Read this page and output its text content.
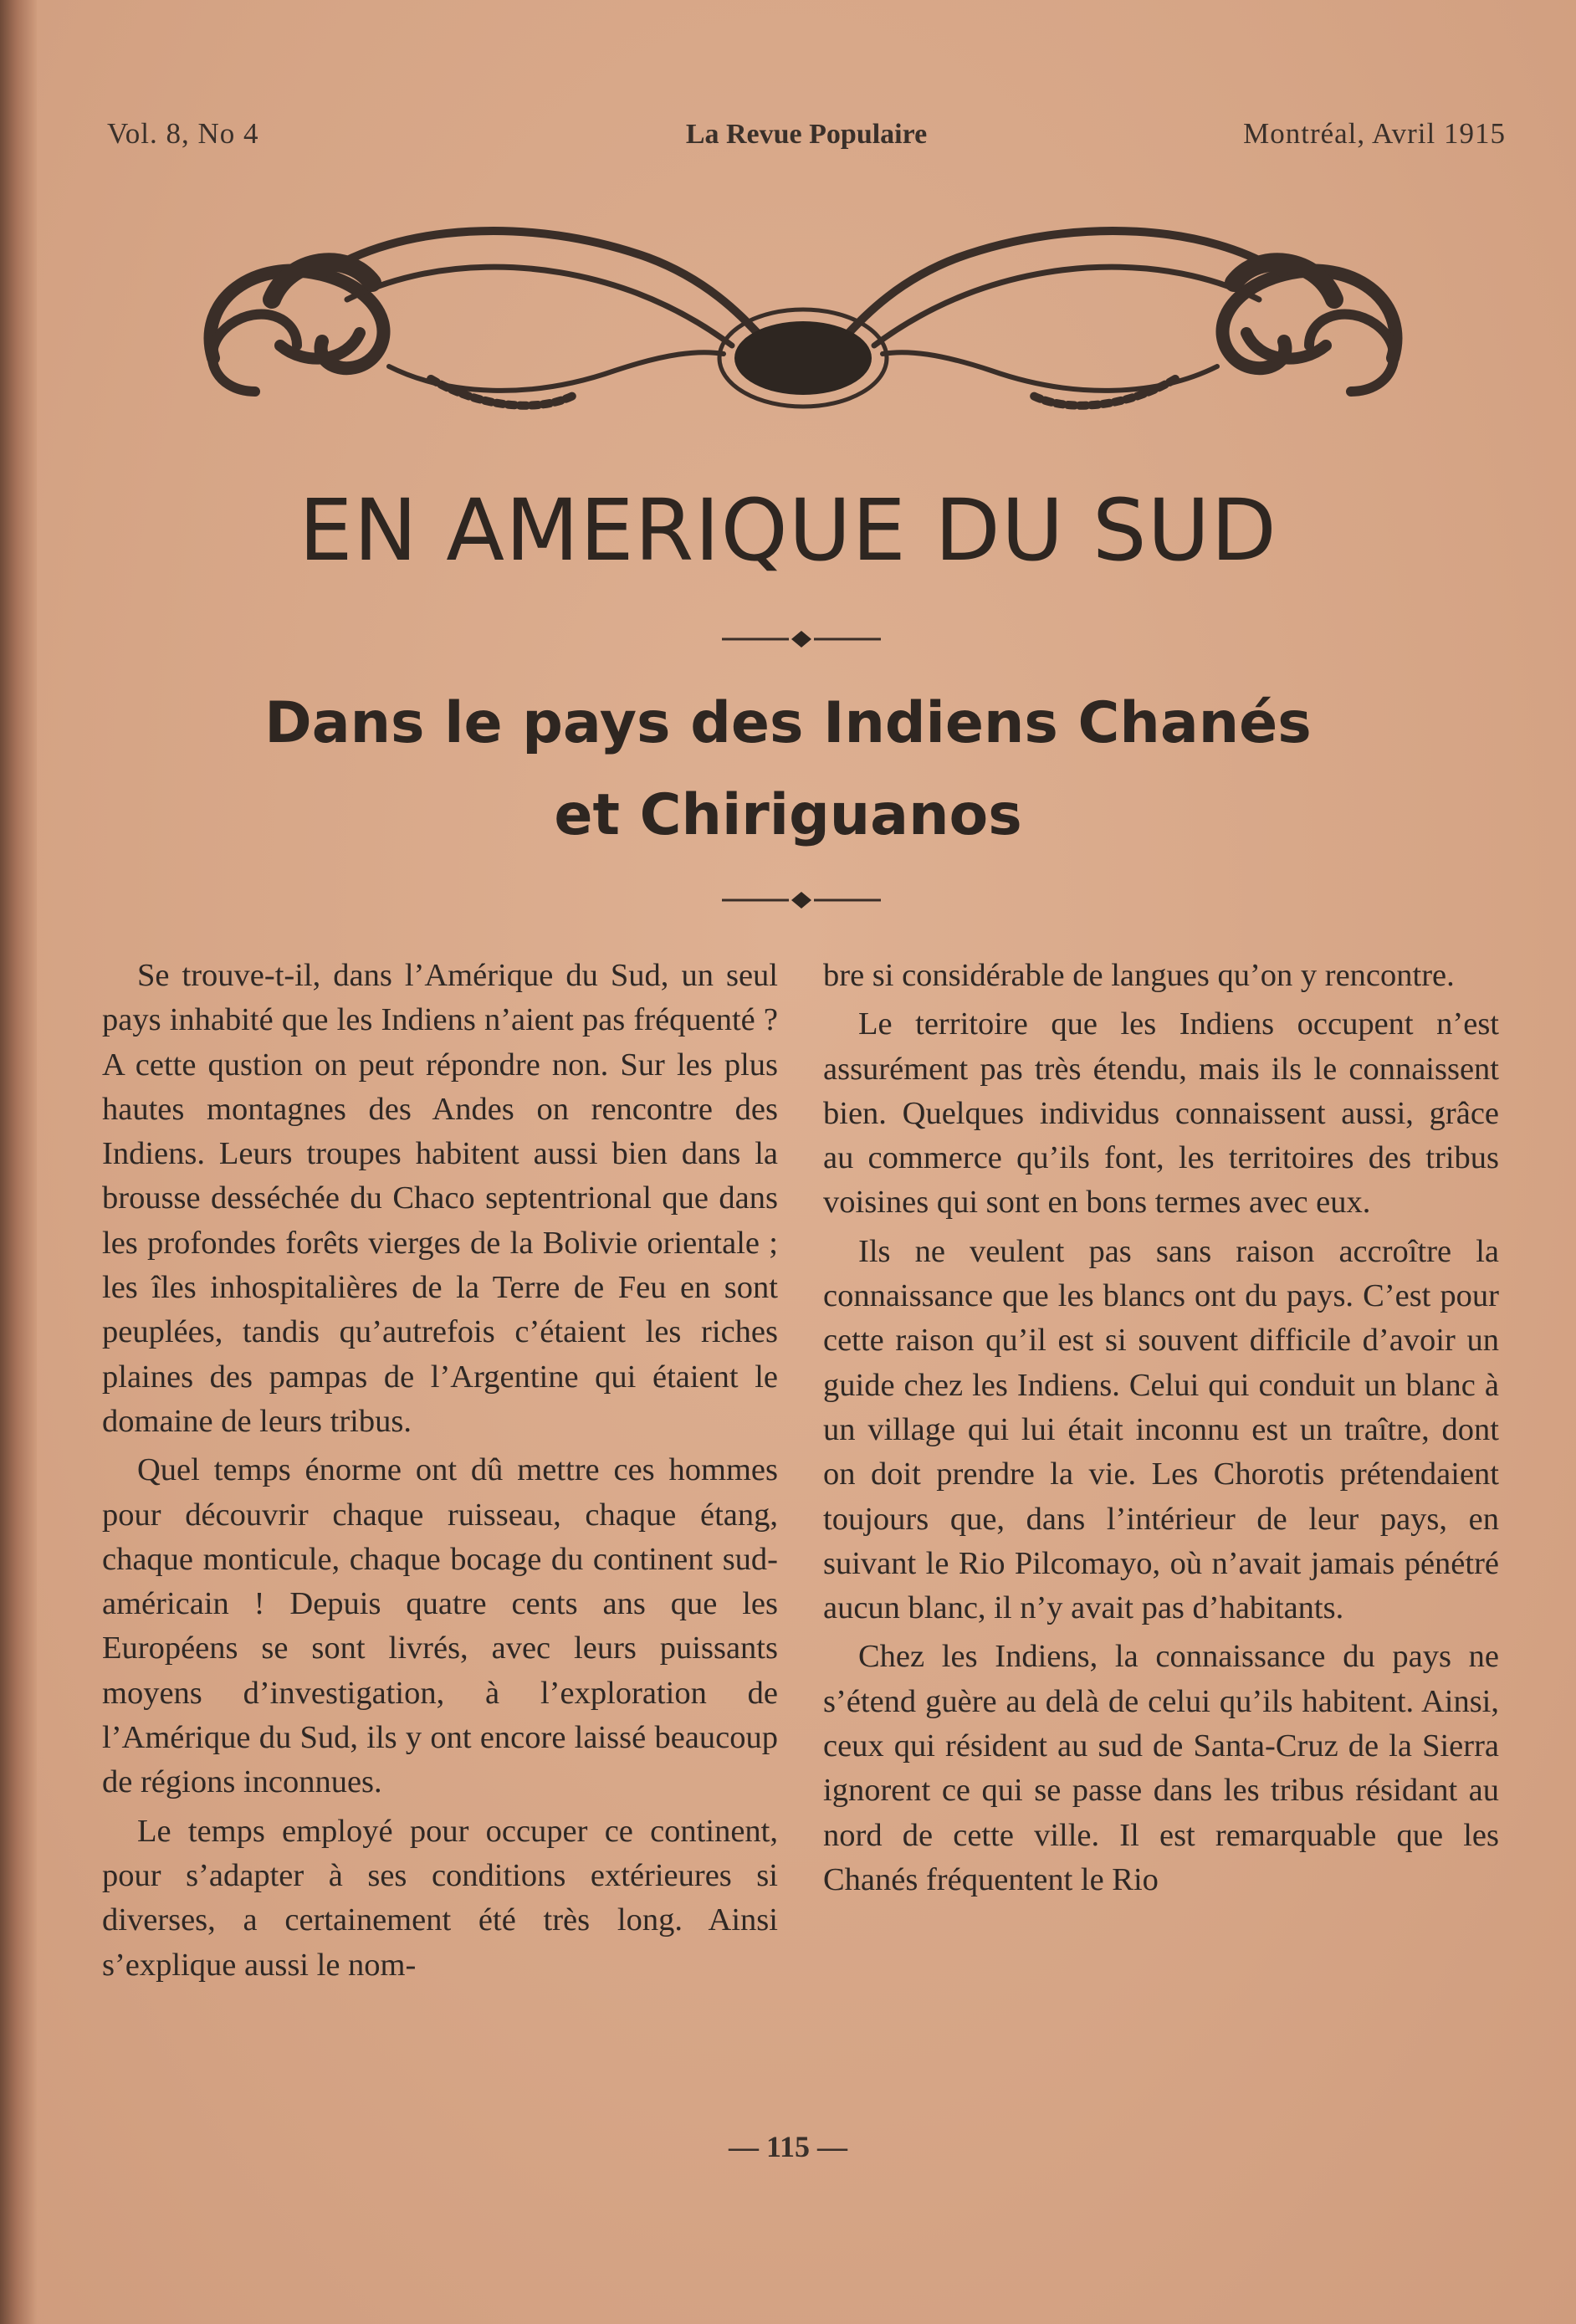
Vol. 8, No 4	La Revue Populaire	Montréal, Avril 1915
EN AMERIQUE DU SUD
Dans le pays des Indiens Chanés
et Chiriguanos

Se trouve-t-il, dans l’Amérique du Sud, un seul pays inhabité que les Indiens n’aient pas fréquenté ? A cette qustion on peut répondre non. Sur les plus hautes montagnes des Andes on rencontre des Indiens. Leurs troupes habitent aussi bien dans la brousse desséchée du Chaco septentrional que dans les profondes forêts vierges de la Bolivie orientale ; les îles inhospitalières de la Terre de Feu en sont peuplées, tandis qu’autrefois c’étaient les riches plaines des pampas de l’Argentine qui étaient le domaine de leurs tribus.

Quel temps énorme ont dû mettre ces hommes pour découvrir chaque ruisseau, chaque étang, chaque monticule, chaque bocage du continent sud-américain ! Depuis quatre cents ans que les Européens se sont livrés, avec leurs puissants moyens d’investigation, à l’exploration de l’Amérique du Sud, ils y ont encore laissé beaucoup de régions inconnues.

Le temps employé pour occuper ce continent, pour s’adapter à ses conditions extérieures si diverses, a certainement été très long. Ainsi s’explique aussi le nom-

bre si considérable de langues qu’on y rencontre.

Le territoire que les Indiens occupent n’est assurément pas très étendu, mais ils le connaissent bien. Quelques individus connaissent aussi, grâce au commerce qu’ils font, les territoires des tribus voisines qui sont en bons termes avec eux.

Ils ne veulent pas sans raison accroître la connaissance que les blancs ont du pays. C’est pour cette raison qu’il est si souvent difficile d’avoir un guide chez les Indiens. Celui qui conduit un blanc à un village qui lui était inconnu est un traître, dont on doit prendre la vie. Les Chorotis prétendaient toujours que, dans l’intérieur de leur pays, en suivant le Rio Pilcomayo, où n’avait jamais pénétré aucun blanc, il n’y avait pas d’habitants.

Chez les Indiens, la connaissance du pays ne s’étend guère au delà de celui qu’ils habitent. Ainsi, ceux qui résident au sud de Santa-Cruz de la Sierra ignorent ce qui se passe dans les tribus résidant au nord de cette ville. Il est remarquable que les Chanés fréquentent le Rio

— 115 —
